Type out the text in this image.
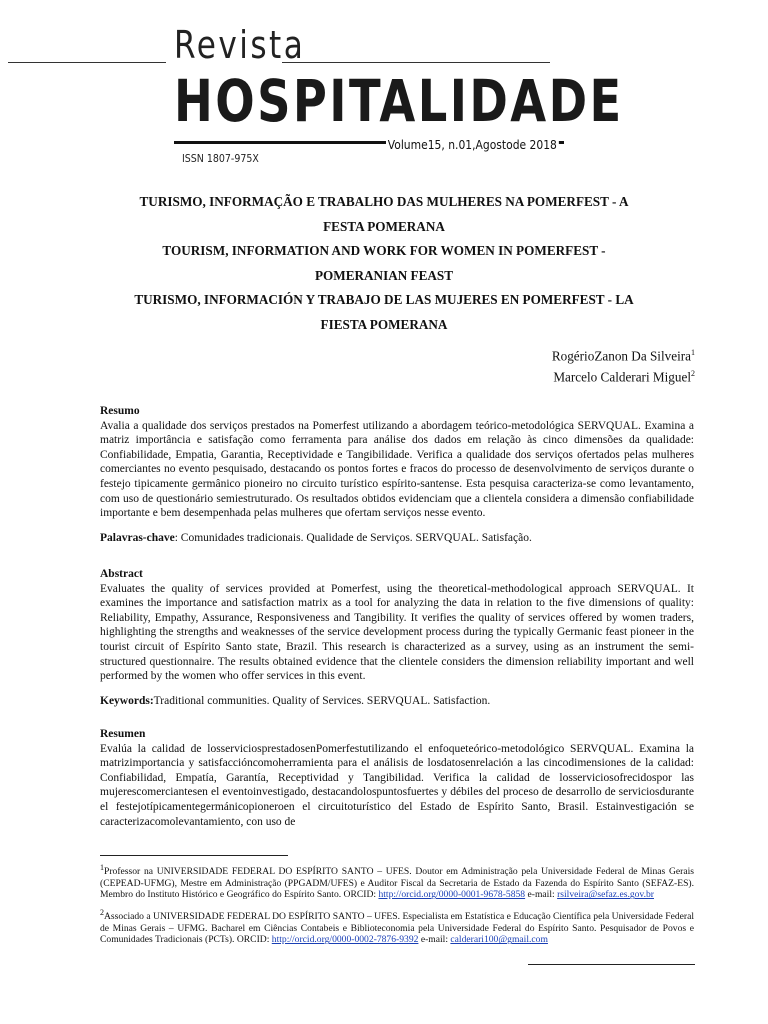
Revista
HOSPITALIDADE
Volume15, n.01,Agostode 2018
ISSN 1807-975X
TURISMO, INFORMAÇÃO E TRABALHO DAS MULHERES NA POMERFEST - A
FESTA POMERANA
TOURISM, INFORMATION AND WORK FOR WOMEN IN POMERFEST -
POMERANIAN FEAST
TURISMO, INFORMACIÓN Y TRABAJO DE LAS MUJERES EN POMERFEST - LA
FIESTA POMERANA
RogérioZanon Da Silveira$^1$
Marcelo Calderari Miguel$^2$
Resumo

Avalia a qualidade dos serviços prestados na Pomerfest utilizando a abordagem teórico-metodológica SERVQUAL. Examina a matriz importância e satisfação como ferramenta para análise dos dados em relação às cinco dimensões da qualidade: Confiabilidade, Empatia, Garantia, Receptividade e Tangibilidade. Verifica a qualidade dos serviços ofertados pelas mulheres comerciantes no evento pesquisado, destacando os pontos fortes e fracos do processo de desenvolvimento de serviços durante o festejo tipicamente germânico pioneiro no circuito turístico espírito-santense. Esta pesquisa caracteriza-se como levantamento, com uso de questionário semiestruturado. Os resultados obtidos evidenciam que a clientela considera a dimensão confiabilidade importante e bem desempenhada pelas mulheres que ofertam serviços nesse evento.

Palavras-chave: Comunidades tradicionais. Qualidade de Serviços. SERVQUAL. Satisfação.

Abstract

Evaluates the quality of services provided at Pomerfest, using the theoretical-methodological approach SERVQUAL. It examines the importance and satisfaction matrix as a tool for analyzing the data in relation to the five dimensions of quality: Reliability, Empathy, Assurance, Responsiveness and Tangibility. It verifies the quality of services offered by women traders, highlighting the strengths and weaknesses of the service development process during the typically Germanic feast pioneer in the tourist circuit of Espírito Santo state, Brazil. This research is characterized as a survey, using as an instrument the semi-structured questionnaire. The results obtained evidence that the clientele considers the dimension reliability important and well performed by the women who offer services in this event.

Keywords:Traditional communities. Quality of Services. SERVQUAL. Satisfaction.

Resumen

Evalúa la calidad de losserviciosprestadosenPomerfestutilizando el enfoqueteórico-metodológico SERVQUAL. Examina la matrizimportancia y satisfaccióncomoherramienta para el análisis de losdatosenrelación a las cincodimensiones de la calidad: Confiabilidad, Empatía, Garantía, Receptividad y Tangibilidad. Verifica la calidad de losserviciosofrecidospor las mujerescomerciantesen el eventoinvestigado, destacandolospuntosfuertes y débiles del proceso de desarrollo de serviciosdurante el festejotípicamentegermánicopioneroen el circuitoturístico del Estado de Espírito Santo, Brasil. Estainvestigación se caracterizacomolevantamiento, con uso de

$^1$Professor na UNIVERSIDADE FEDERAL DO ESPÍRITO SANTO – UFES. Doutor em Administração pela Universidade Federal de Minas Gerais (CEPEAD-UFMG), Mestre em Administração (PPGADM/UFES) e Auditor Fiscal da Secretaria de Estado da Fazenda do Espírito Santo (SEFAZ-ES). Membro do Instituto Histórico e Geográfico do Espírito Santo. ORCID: http://orcid.org/0000-0001-9678-5858 e-mail: rsilveira@sefaz.es.gov.br
$^2$Associado a UNIVERSIDADE FEDERAL DO ESPÍRITO SANTO – UFES. Especialista em Estatística e Educação Científica pela Universidade Federal de Minas Gerais – UFMG. Bacharel em Ciências Contabeis e Biblioteconomia pela Universidade Federal do Espírito Santo. Pesquisador de Povos e Comunidades Tradicionais (PCTs). ORCID: http://orcid.org/0000-0002-7876-9392 e-mail: calderari100@gmail.com
